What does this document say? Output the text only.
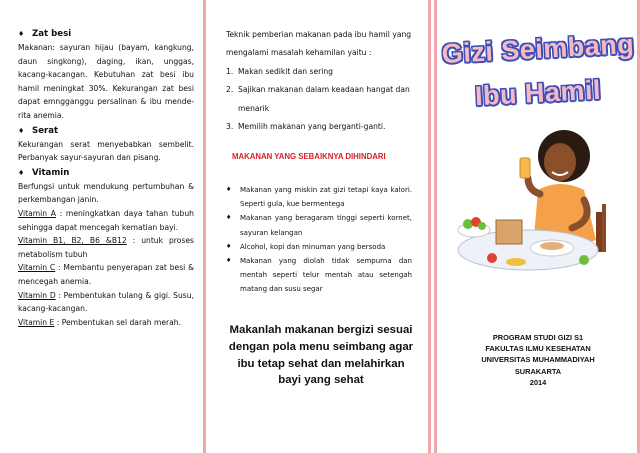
♦ Zat besi
Makanan: sayuran hijau (bayam, kangkung, daun singkong), daging, ikan, unggas, kacang-kacangan. Kebutuhan zat besi ibu hamil meningkat 30%. Kekurangan zat besi dapat emngganggu persalinan & ibu mende-rita anemia.
♦ Serat
Kekurangan serat menyebabkan sembelit. Perbanyak sayur-sayuran dan pisang.
♦ Vitamin
Berfungsi untuk mendukung pertumbuhan & perkembangan janin.
Vitamin A : meningkatkan daya tahan tubuh sehingga dapat mencegah kematian bayi.
Vitamin B1, B2, B6 &B12 : untuk proses metabolism tubuh
Vitamin C : Membantu penyerapan zat besi & mencegah anemia.
Vitamin D : Pembentukan tulang & gigi. Susu, kacang-kacangan.
Vitamin E : Pembentukan sel darah merah.

Teknik pemberian makanan pada ibu hamil yang mengalami masalah kehamilan yaitu :

1. Makan sedikit dan sering
2. Sajikan makanan dalam keadaan hangat dan menarik
3. Memilih makanan yang berganti-ganti.
MAKANAN YANG SEBAIKNYA DIHINDARI
♦	Makanan yang miskin zat gizi tetapi kaya kalori. Seperti gula, kue bermentega
♦	Makanan yang beragaram tinggi seperti kornet, sayuran kelangan
♦	Alcohol, kopi dan minuman yang bersoda
♦	Makanan yang diolah tidak sempurna dan mentah seperti telur mentah atau setengah matang dan susu segar
Makanlah makanan bergizi sesuai dengan pola menu seimbang agar ibu tetap sehat dan melahirkan bayi yang sehat
Gizi Seimbang
Ibu Hamil
PROGRAM STUDI GIZI S1
FAKULTAS ILMU KESEHATAN
UNIVERSITAS MUHAMMADIYAH
SURAKARTA
2014
